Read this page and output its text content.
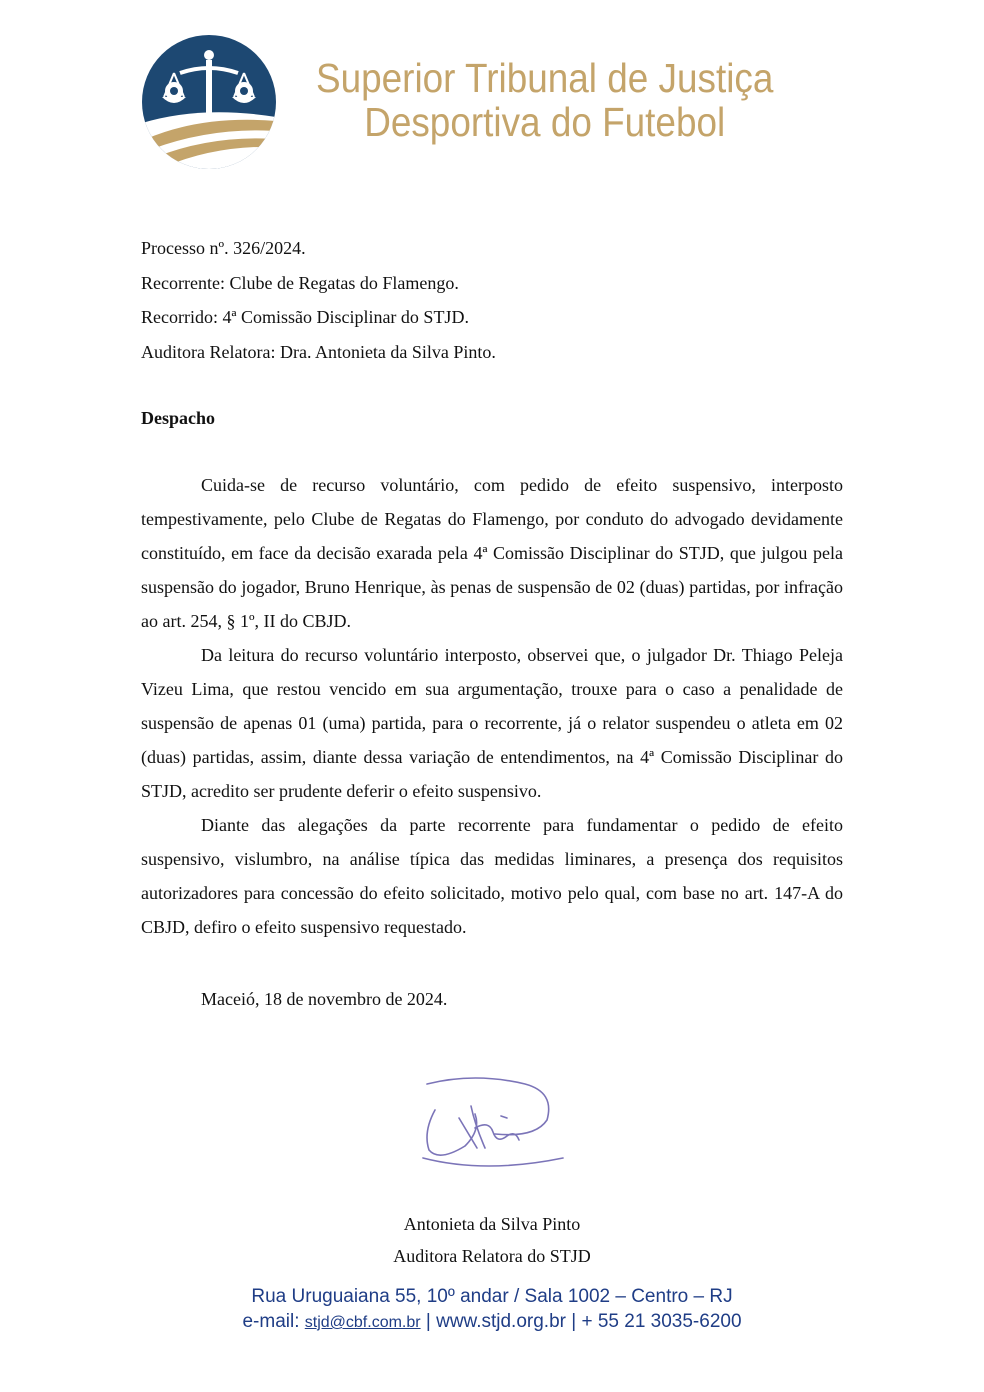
Superior Tribunal de Justiça
Desportiva do Futebol
Processo nº. 326/2024.
Recorrente: Clube de Regatas do Flamengo.
Recorrido: 4ª Comissão Disciplinar do STJD.
Auditora Relatora: Dra. Antonieta da Silva Pinto.
Despacho

Cuida-se de recurso voluntário, com pedido de efeito suspensivo, interposto tempestivamente, pelo Clube de Regatas do Flamengo, por conduto do advogado devidamente constituído, em face da decisão exarada pela 4ª Comissão Disciplinar do STJD, que julgou pela suspensão do jogador, Bruno Henrique, às penas de suspensão de 02 (duas) partidas, por infração ao art. 254, § 1º, II do CBJD.

Da leitura do recurso voluntário interposto, observei que, o julgador Dr. Thiago Peleja Vizeu Lima, que restou vencido em sua argumentação, trouxe para o caso a penalidade de suspensão de apenas 01 (uma) partida, para o recorrente, já o relator suspendeu o atleta em 02 (duas) partidas, assim, diante dessa variação de entendimentos, na 4ª Comissão Disciplinar do STJD, acredito ser prudente deferir o efeito suspensivo.

Diante das alegações da parte recorrente para fundamentar o pedido de efeito suspensivo, vislumbro, na análise típica das medidas liminares, a presença dos requisitos autorizadores para concessão do efeito solicitado, motivo pelo qual, com base no art. 147-A do CBJD, defiro o efeito suspensivo requestado.

Maceió, 18 de novembro de 2024.
Antonieta da Silva Pinto
Auditora Relatora do STJD
Rua Uruguaiana 55, 10º andar / Sala 1002 – Centro – RJ
e-mail: stjd@cbf.com.br | www.stjd.org.br | + 55 21 3035-6200
